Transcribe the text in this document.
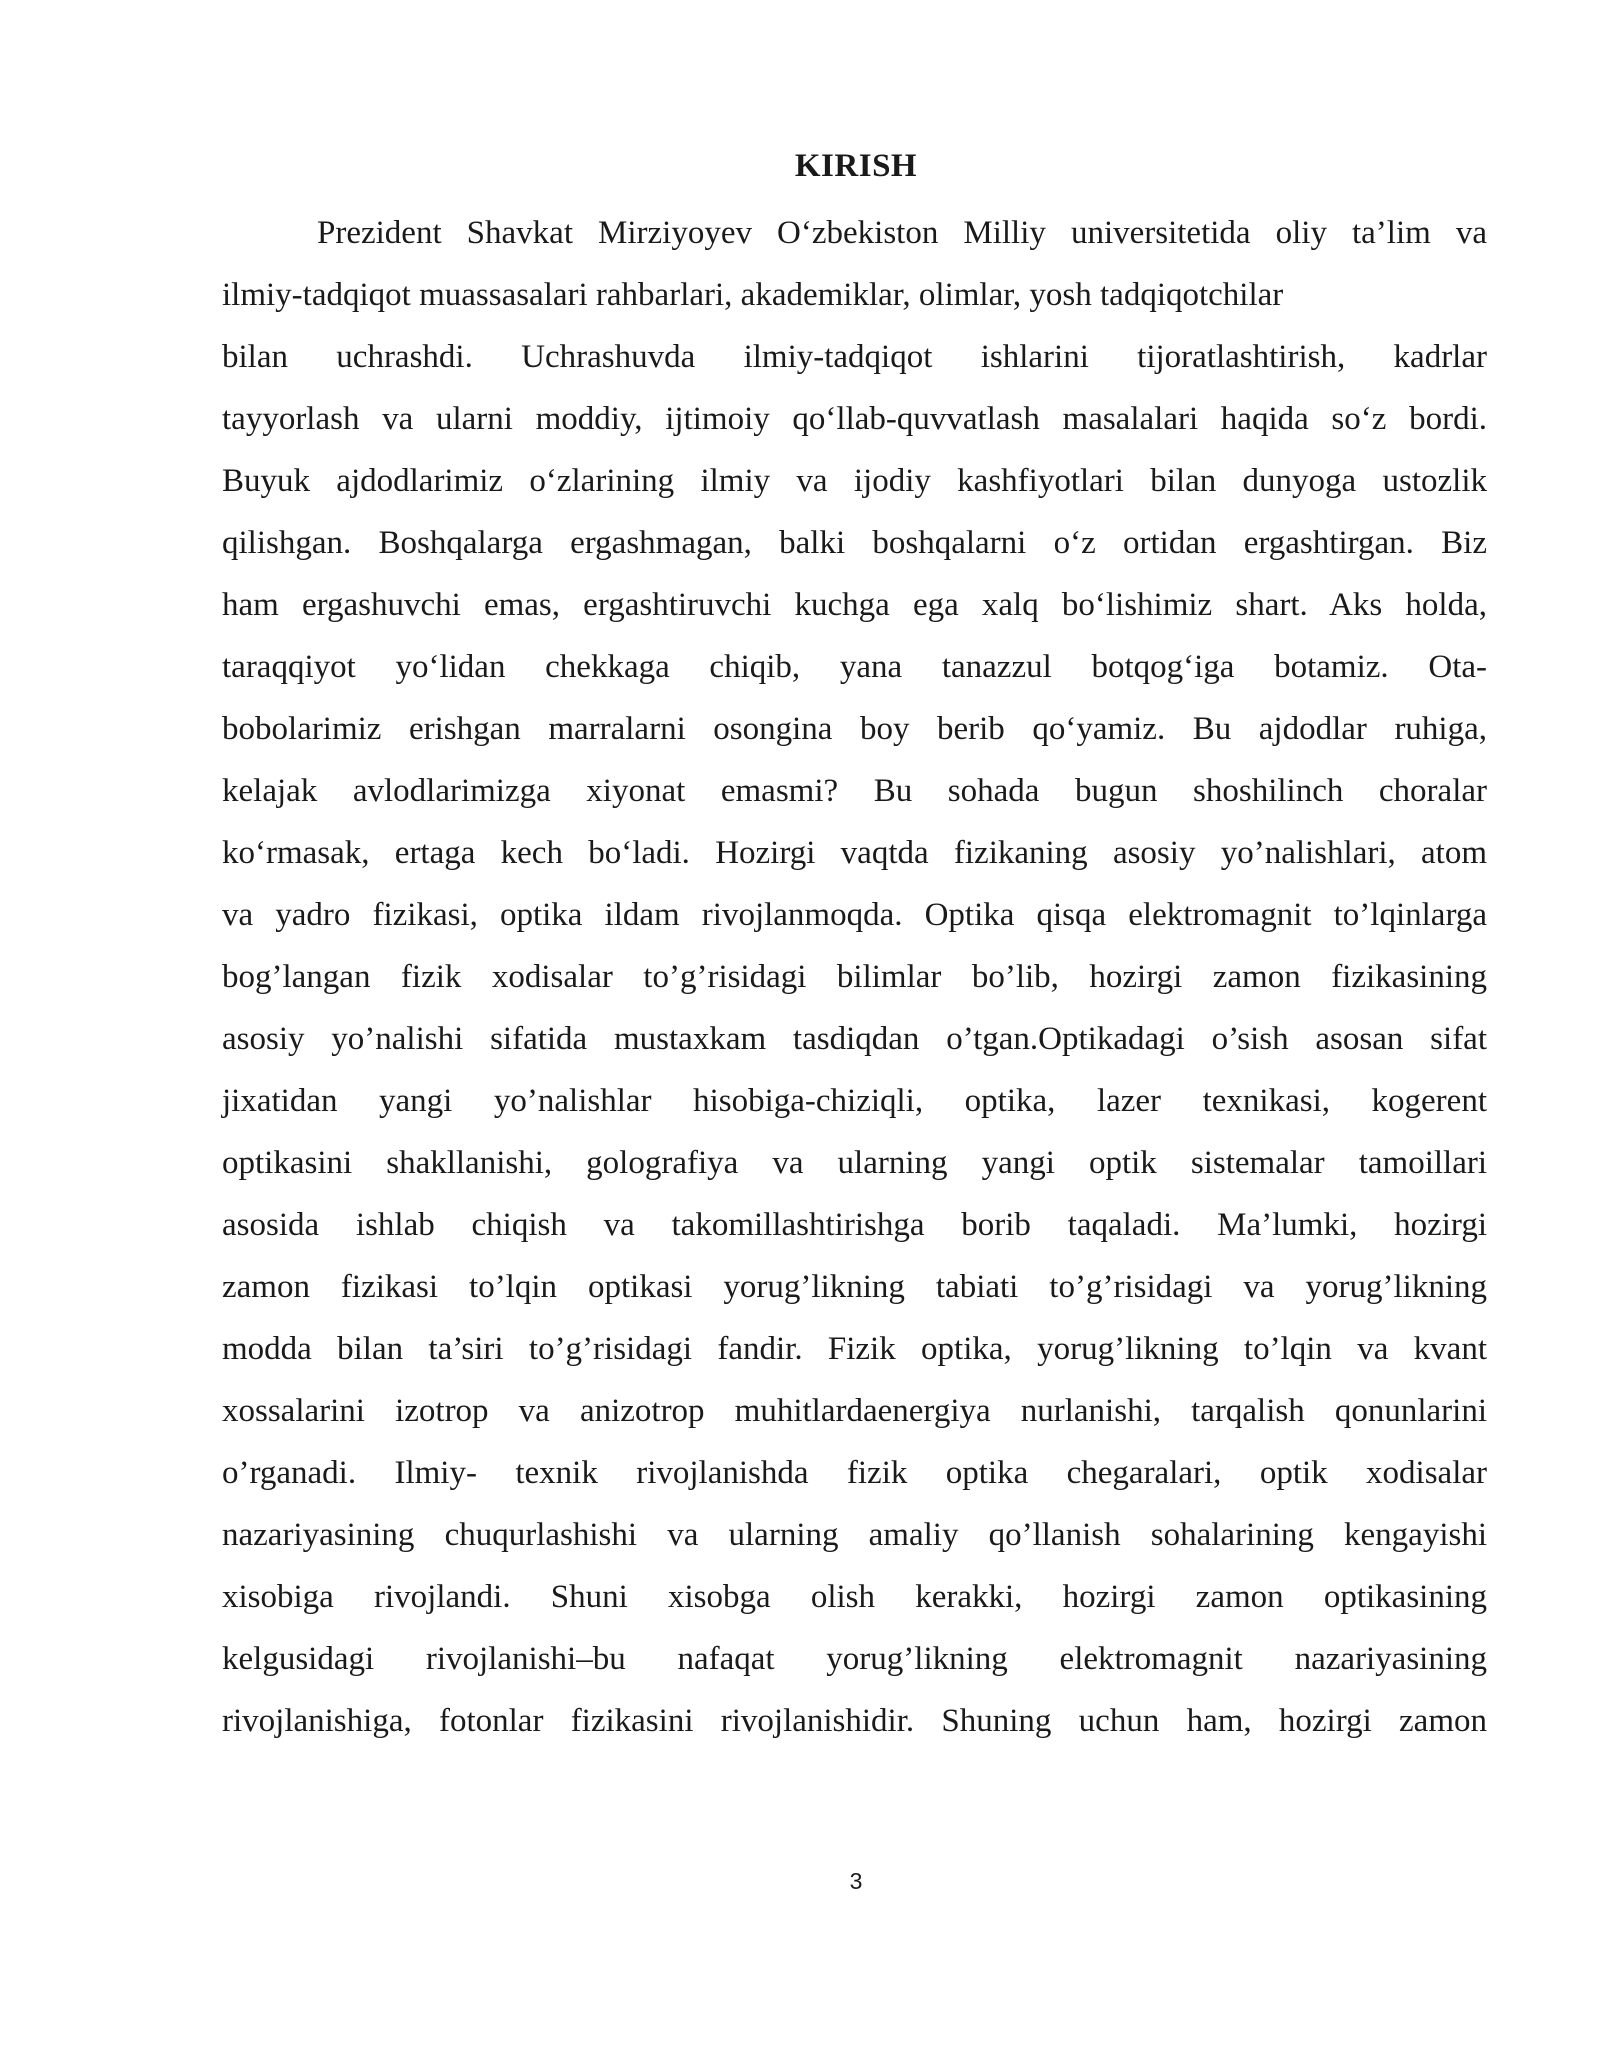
KIRISH
Prezident Shavkat Mirziyoyev O‘zbekiston Milliy universitetida oliy ta’lim va
ilmiy-tadqiqot muassasalari rahbarlari, akademiklar, olimlar, yosh tadqiqotchilar
bilan uchrashdi. Uchrashuvda ilmiy-tadqiqot ishlarini tijoratlashtirish, kadrlar
tayyorlash va ularni moddiy, ijtimoiy qo‘llab-quvvatlash masalalari haqida so‘z bordi.
Buyuk ajdodlarimiz o‘zlarining ilmiy va ijodiy kashfiyotlari bilan dunyoga ustozlik
qilishgan. Boshqalarga ergashmagan, balki boshqalarni o‘z ortidan ergashtirgan. Biz
ham ergashuvchi emas, ergashtiruvchi kuchga ega xalq bo‘lishimiz shart. Aks holda,
taraqqiyot yo‘lidan chekkaga chiqib, yana tanazzul botqog‘iga botamiz. Ota-
bobolarimiz erishgan marralarni osongina boy berib qo‘yamiz. Bu ajdodlar ruhiga,
kelajak avlodlarimizga xiyonat emasmi? Bu sohada bugun shoshilinch choralar
ko‘rmasak, ertaga kech bo‘ladi. Hozirgi vaqtda fizikaning asosiy yo’nalishlari, atom
va yadro fizikasi, optika ildam rivojlanmoqda. Optika qisqa elektromagnit to’lqinlarga
bog’langan fizik xodisalar to’g’risidagi bilimlar bo’lib, hozirgi zamon fizikasining
asosiy yo’nalishi sifatida mustaxkam tasdiqdan o’tgan.Optikadagi o’sish asosan sifat
jixatidan yangi yo’nalishlar hisobiga-chiziqli, optika, lazer texnikasi, kogerent
optikasini shakllanishi, golografiya va ularning yangi optik sistemalar tamoillari
asosida ishlab chiqish va takomillashtirishga borib taqaladi. Ma’lumki, hozirgi
zamon fizikasi to’lqin optikasi yorug’likning tabiati to’g’risidagi va yorug’likning
modda bilan ta’siri to’g’risidagi fandir. Fizik optika, yorug’likning to’lqin va kvant
xossalarini izotrop va anizotrop muhitlardaenergiya nurlanishi, tarqalish qonunlarini
o’rganadi. Ilmiy- texnik rivojlanishda fizik optika chegaralari, optik xodisalar
nazariyasining chuqurlashishi va ularning amaliy qo’llanish sohalarining kengayishi
xisobiga rivojlandi. Shuni xisobga olish kerakki, hozirgi zamon optikasining
kelgusidagi rivojlanishi–bu nafaqat yorug’likning elektromagnit nazariyasining
rivojlanishiga, fotonlar fizikasini rivojlanishidir. Shuning uchun ham, hozirgi zamon
3
